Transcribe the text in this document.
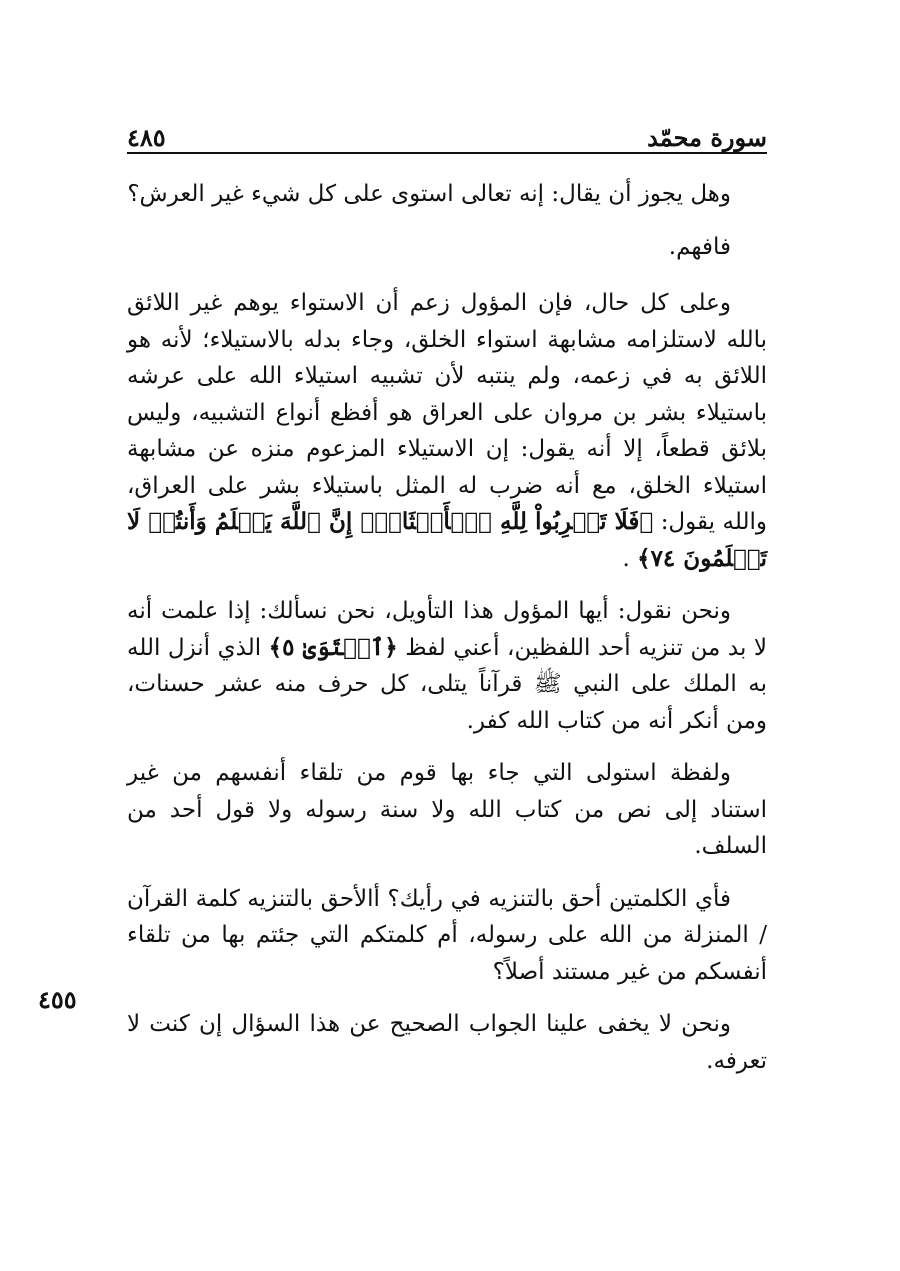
سورة محمّد
٤٨٥

وهل يجوز أن يقال: إنه تعالى استوى على كل شيء غير العرش؟

فافهم.

وعلى كل حال، فإن المؤول زعم أن الاستواء يوهم غير اللائق بالله لاستلزامه مشابهة استواء الخلق، وجاء بدله بالاستيلاء؛ لأنه هو اللائق به في زعمه، ولم ينتبه لأن تشبيه استيلاء الله على عرشه باستيلاء بشر بن مروان على العراق هو أفظع أنواع التشبيه، وليس بلائق قطعاً، إلا أنه يقول: إن الاستيلاء المزعوم منزه عن مشابهة استيلاء الخلق، مع أنه ضرب له المثل باستيلاء بشر على العراق، والله يقول: ﴿فَلَا تَضۡرِبُواْ لِلَّهِ ٱلۡأَمۡثَالَۚ إِنَّ ٱللَّهَ يَعۡلَمُ وَأَنتُمۡ لَا تَعۡلَمُونَ ٧٤﴾ .

ونحن نقول: أيها المؤول هذا التأويل، نحن نسألك: إذا علمت أنه لا بد من تنزيه أحد اللفظين، أعني لفظ ﴿ٱسۡتَوَىٰ ٥﴾ الذي أنزل الله به الملك على النبي ﷺ قرآناً يتلى، كل حرف منه عشر حسنات، ومن أنكر أنه من كتاب الله كفر.

ولفظة استولى التي جاء بها قوم من تلقاء أنفسهم من غير استناد إلى نص من كتاب الله ولا سنة رسوله ولا قول أحد من السلف.

فأي الكلمتين أحق بالتنزيه في رأيك؟ أالأحق بالتنزيه كلمة القرآن / المنزلة من الله على رسوله، أم كلمتكم التي جئتم بها من تلقاء أنفسكم من غير مستند أصلاً؟

ونحن لا يخفى علينا الجواب الصحيح عن هذا السؤال إن كنت لا تعرفه.

٤٥٥
